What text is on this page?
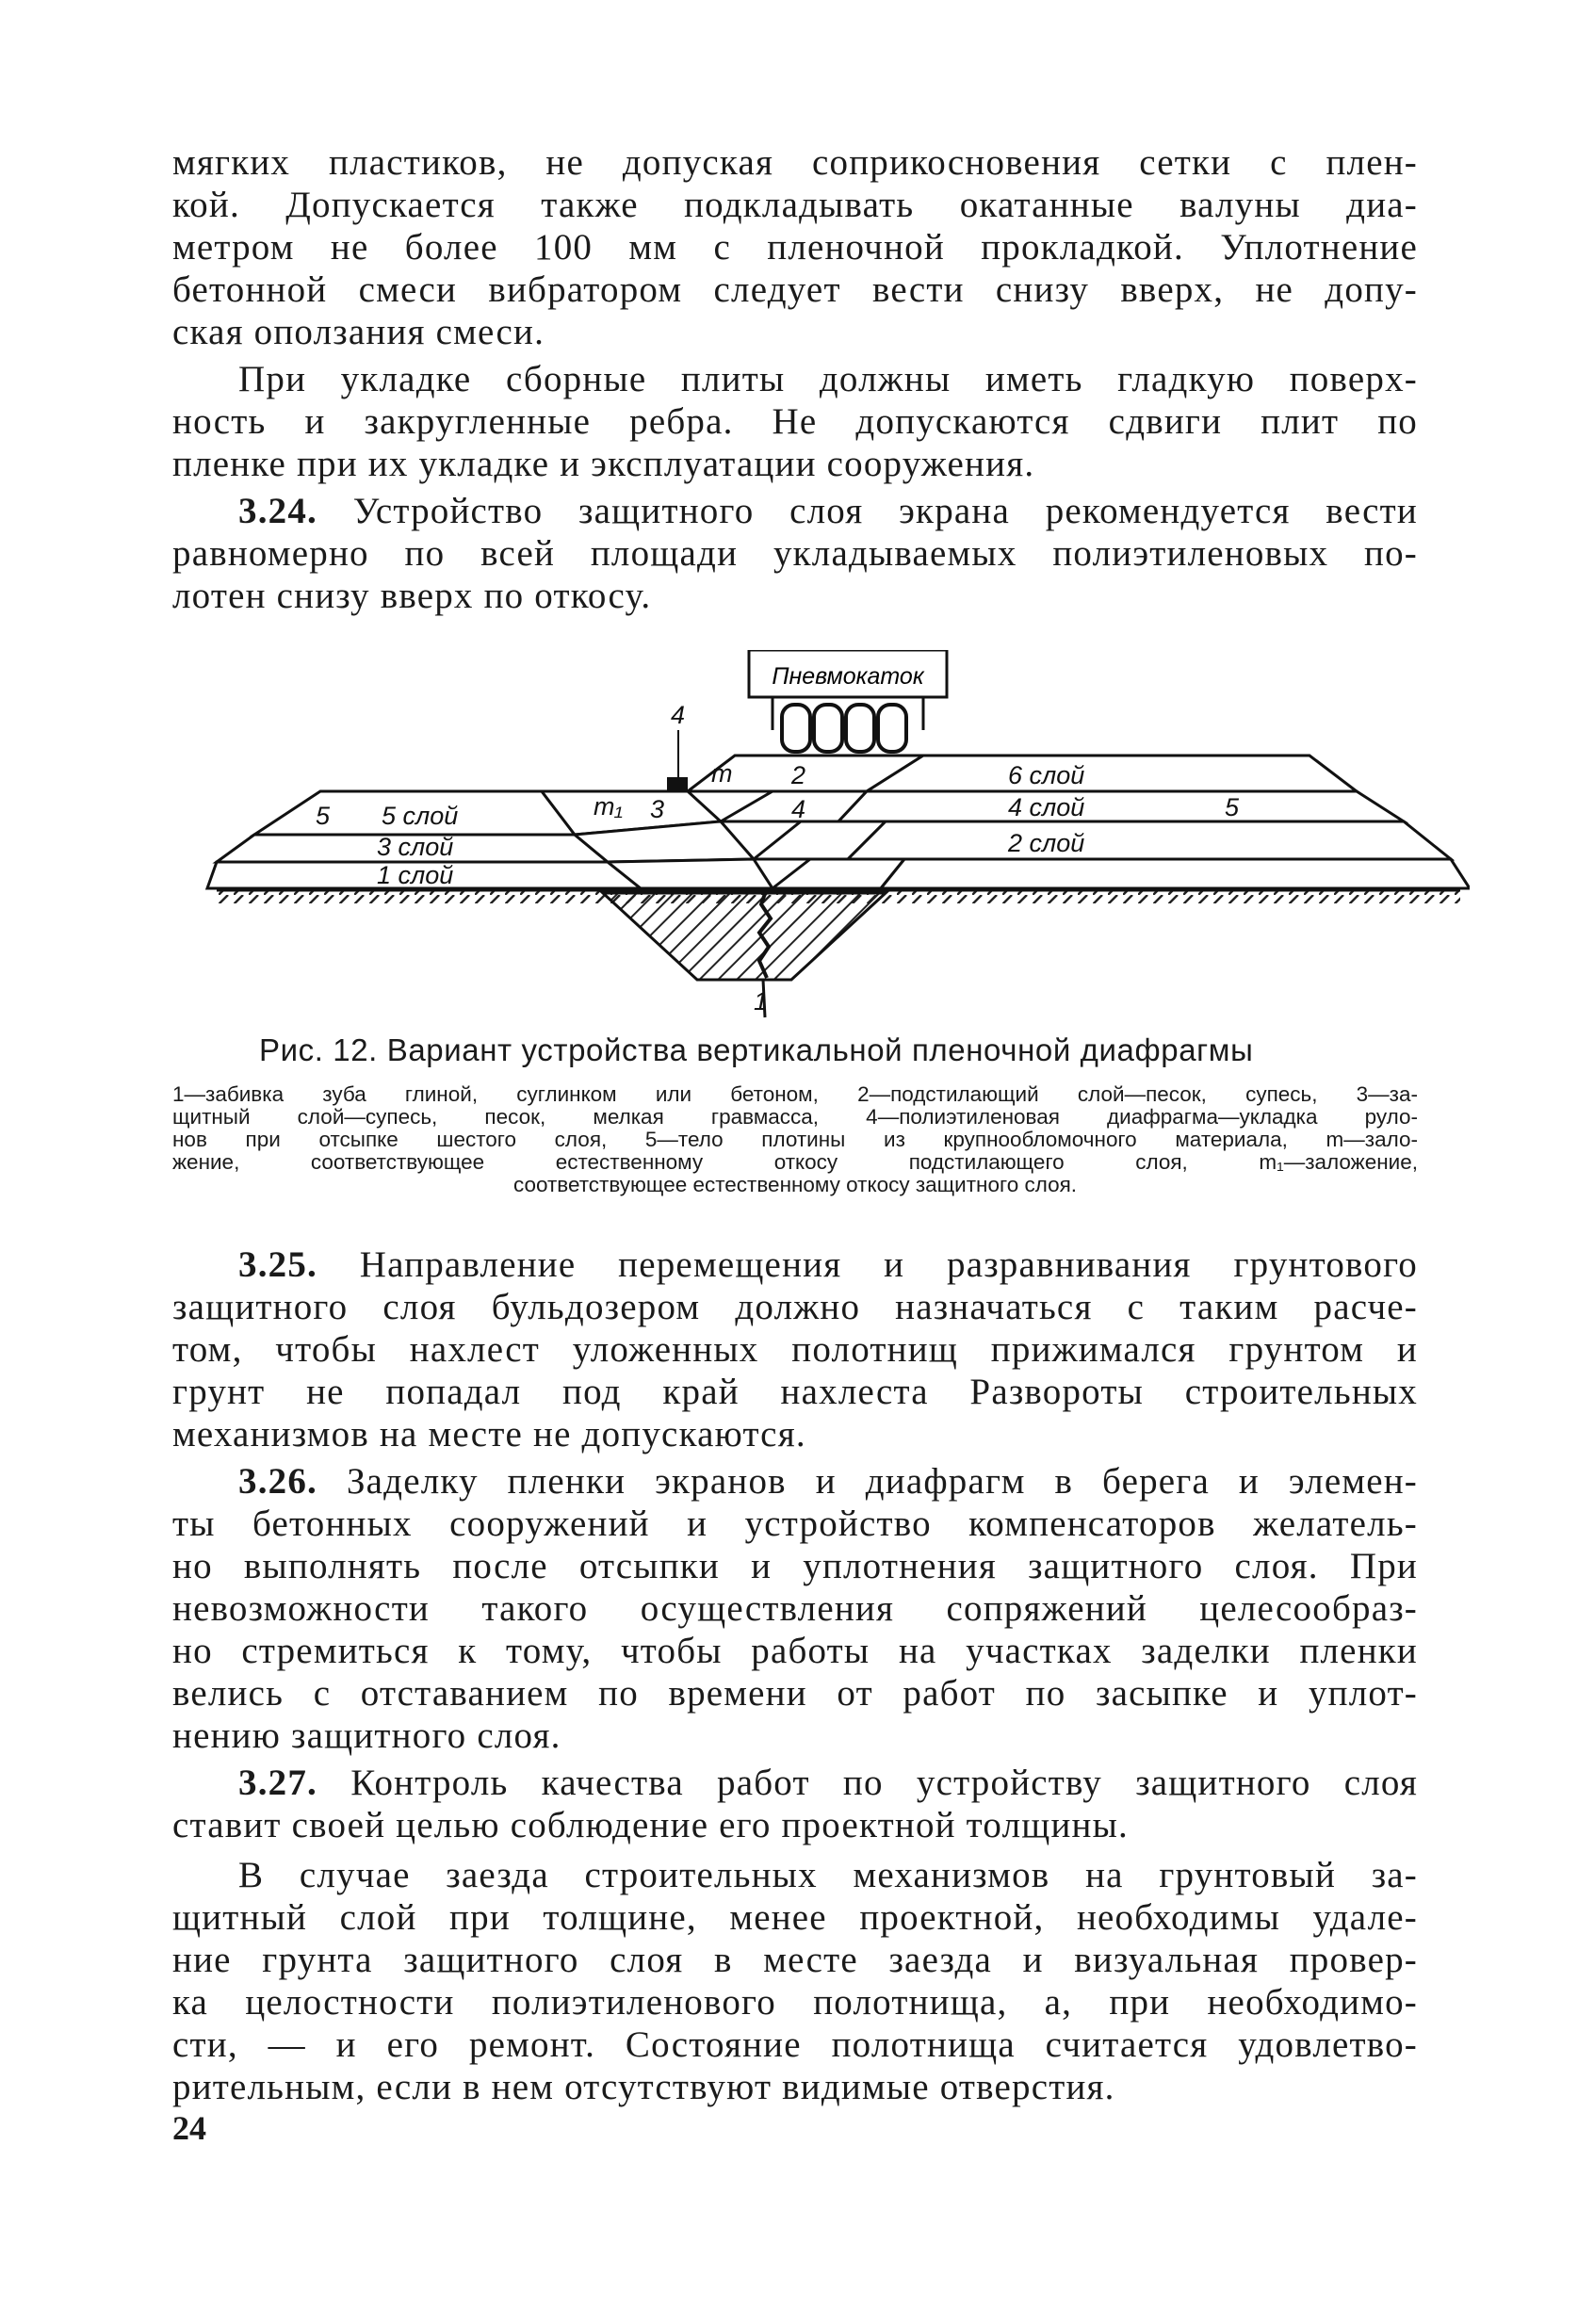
мягких пластиков, не допуская соприкосновения сетки с плен-
кой. Допускается также подкладывать окатанные валуны диа-
метром не более 100 мм с пленочной прокладкой. Уплотнение
бетонной смеси вибратором следует вести снизу вверх, не допу-
ская оползания смеси.

При укладке сборные плиты должны иметь гладкую поверх-
ность и закругленные ребра. Не допускаются сдвиги плит по
пленке при их укладке и эксплуатации сооружения.

3.24. Устройство защитного слоя экрана рекомендуется вести
равномерно по всей площади укладываемых полиэтиленовых по-
лотен снизу вверх по откосу.

Пневмокаток
4
5 5 слой
3 слой
1 слой
6 слой
4 слой	5
2 слой
2
3	4
m
m₁
1
Рис. 12. Вариант устройства вертикальной пленочной диафрагмы
1—забивка зуба глиной, суглинком или бетоном, 2—подстилающий слой—песок, супесь, 3—за-
щитный слой—супесь, песок, мелкая гравмасса, 4—полиэтиленовая диафрагма—укладка руло-
нов при отсыпке шестого слоя, 5—тело плотины из крупнообломочного материала, m—зало-
жение, соответствующее естественному откосу подстилающего слоя, m₁—заложение,
соответствующее естественному откосу защитного слоя.

3.25. Направление перемещения и разравнивания грунтового
защитного слоя бульдозером должно назначаться с таким расче-
том, чтобы нахлест уложенных полотнищ прижимался грунтом и
грунт не попадал под край нахлеста Развороты строительных
механизмов на месте не допускаются.

3.26. Заделку пленки экранов и диафрагм в берега и элемен-
ты бетонных сооружений и устройство компенсаторов желатель-
но выполнять после отсыпки и уплотнения защитного слоя. При
невозможности такого осуществления сопряжений целесообраз-
но стремиться к тому, чтобы работы на участках заделки пленки
велись с отставанием по времени от работ по засыпке и уплот-
нению защитного слоя.

3.27. Контроль качества работ по устройству защитного слоя
ставит своей целью соблюдение его проектной толщины.

В случае заезда строительных механизмов на грунтовый за-
щитный слой при толщине, менее проектной, необходимы удале-
ние грунта защитного слоя в месте заезда и визуальная провер-
ка целостности полиэтиленового полотнища, а, при необходимо-
сти, — и его ремонт. Состояние полотнища считается удовлетво-
рительным, если в нем отсутствуют видимые отверстия.

24
